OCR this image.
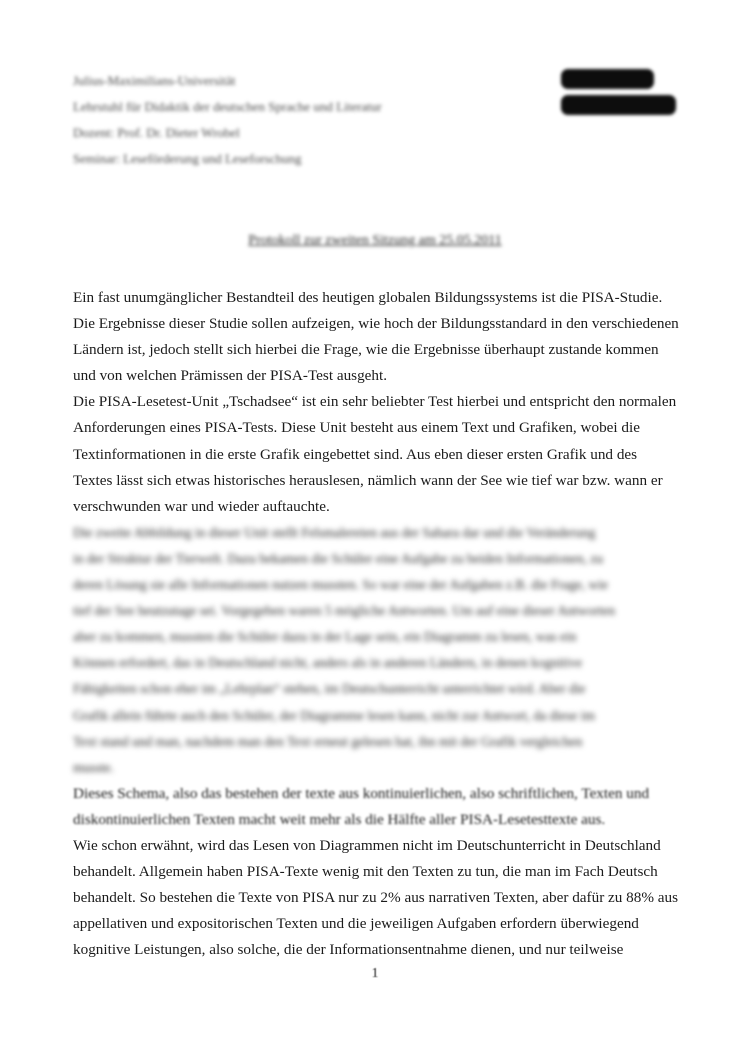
Julius-Maximilians-Universität
Lehrstuhl für Didaktik der deutschen Sprache und Literatur
Dozent: Prof. Dr. Dieter Wrobel
Seminar: Leseförderung und Leseforschung
Protokoll zur zweiten Sitzung am 25.05.2011

Ein fast unumgänglicher Bestandteil des heutigen globalen Bildungssystems ist die PISA-Studie.
Die Ergebnisse dieser Studie sollen aufzeigen, wie hoch der Bildungsstandard in den verschiedenen
Ländern ist, jedoch stellt sich hierbei die Frage, wie die Ergebnisse überhaupt zustande kommen
und von welchen Prämissen der PISA-Test ausgeht.

Die PISA-Lesetest-Unit „Tschadsee“ ist ein sehr beliebter Test hierbei und entspricht den normalen
Anforderungen eines PISA-Tests. Diese Unit besteht aus einem Text und Grafiken, wobei die
Textinformationen in die erste Grafik eingebettet sind. Aus eben dieser ersten Grafik und des
Textes lässt sich etwas historisches herauslesen, nämlich wann der See wie tief war bzw. wann er
verschwunden war und wieder auftauchte.

Die zweite Abbildung in dieser Unit stellt Felsmalereien aus der Sahara dar und die Veränderung
in der Struktur der Tierwelt. Dazu bekamen die Schüler eine Aufgabe zu beiden Informationen, zu
deren Lösung sie alle Informationen nutzen mussten. So war eine der Aufgaben z.B. die Frage, wie
tief der See heutzutage sei. Vorgegeben waren 5 mögliche Antworten. Um auf eine dieser Antworten
aber zu kommen, mussten die Schüler dazu in der Lage sein, ein Diagramm zu lesen, was ein
Können erfordert, das in Deutschland nicht, anders als in anderen Ländern, in denen kognitive
Fähigkeiten schon eher im „Lehrplan“ stehen, im Deutschunterricht unterrichtet wird. Aber die
Grafik allein führte auch den Schüler, der Diagramme lesen kann, nicht zur Antwort, da diese im
Text stand und man, nachdem man den Text erneut gelesen hat, ihn mit der Grafik vergleichen
musste.

Dieses Schema, also das bestehen der texte aus kontinuierlichen, also schriftlichen, Texten und
diskontinuierlichen Texten macht weit mehr als die Hälfte aller PISA-Lesetesttexte aus.

Wie schon erwähnt, wird das Lesen von Diagrammen nicht im Deutschunterricht in Deutschland
behandelt. Allgemein haben PISA-Texte wenig mit den Texten zu tun, die man im Fach Deutsch
behandelt. So bestehen die Texte von PISA nur zu 2% aus narrativen Texten, aber dafür zu 88% aus
appellativen und expositorischen Texten und die jeweiligen Aufgaben erfordern überwiegend
kognitive Leistungen, also solche, die der Informationsentnahme dienen, und nur teilweise

1
